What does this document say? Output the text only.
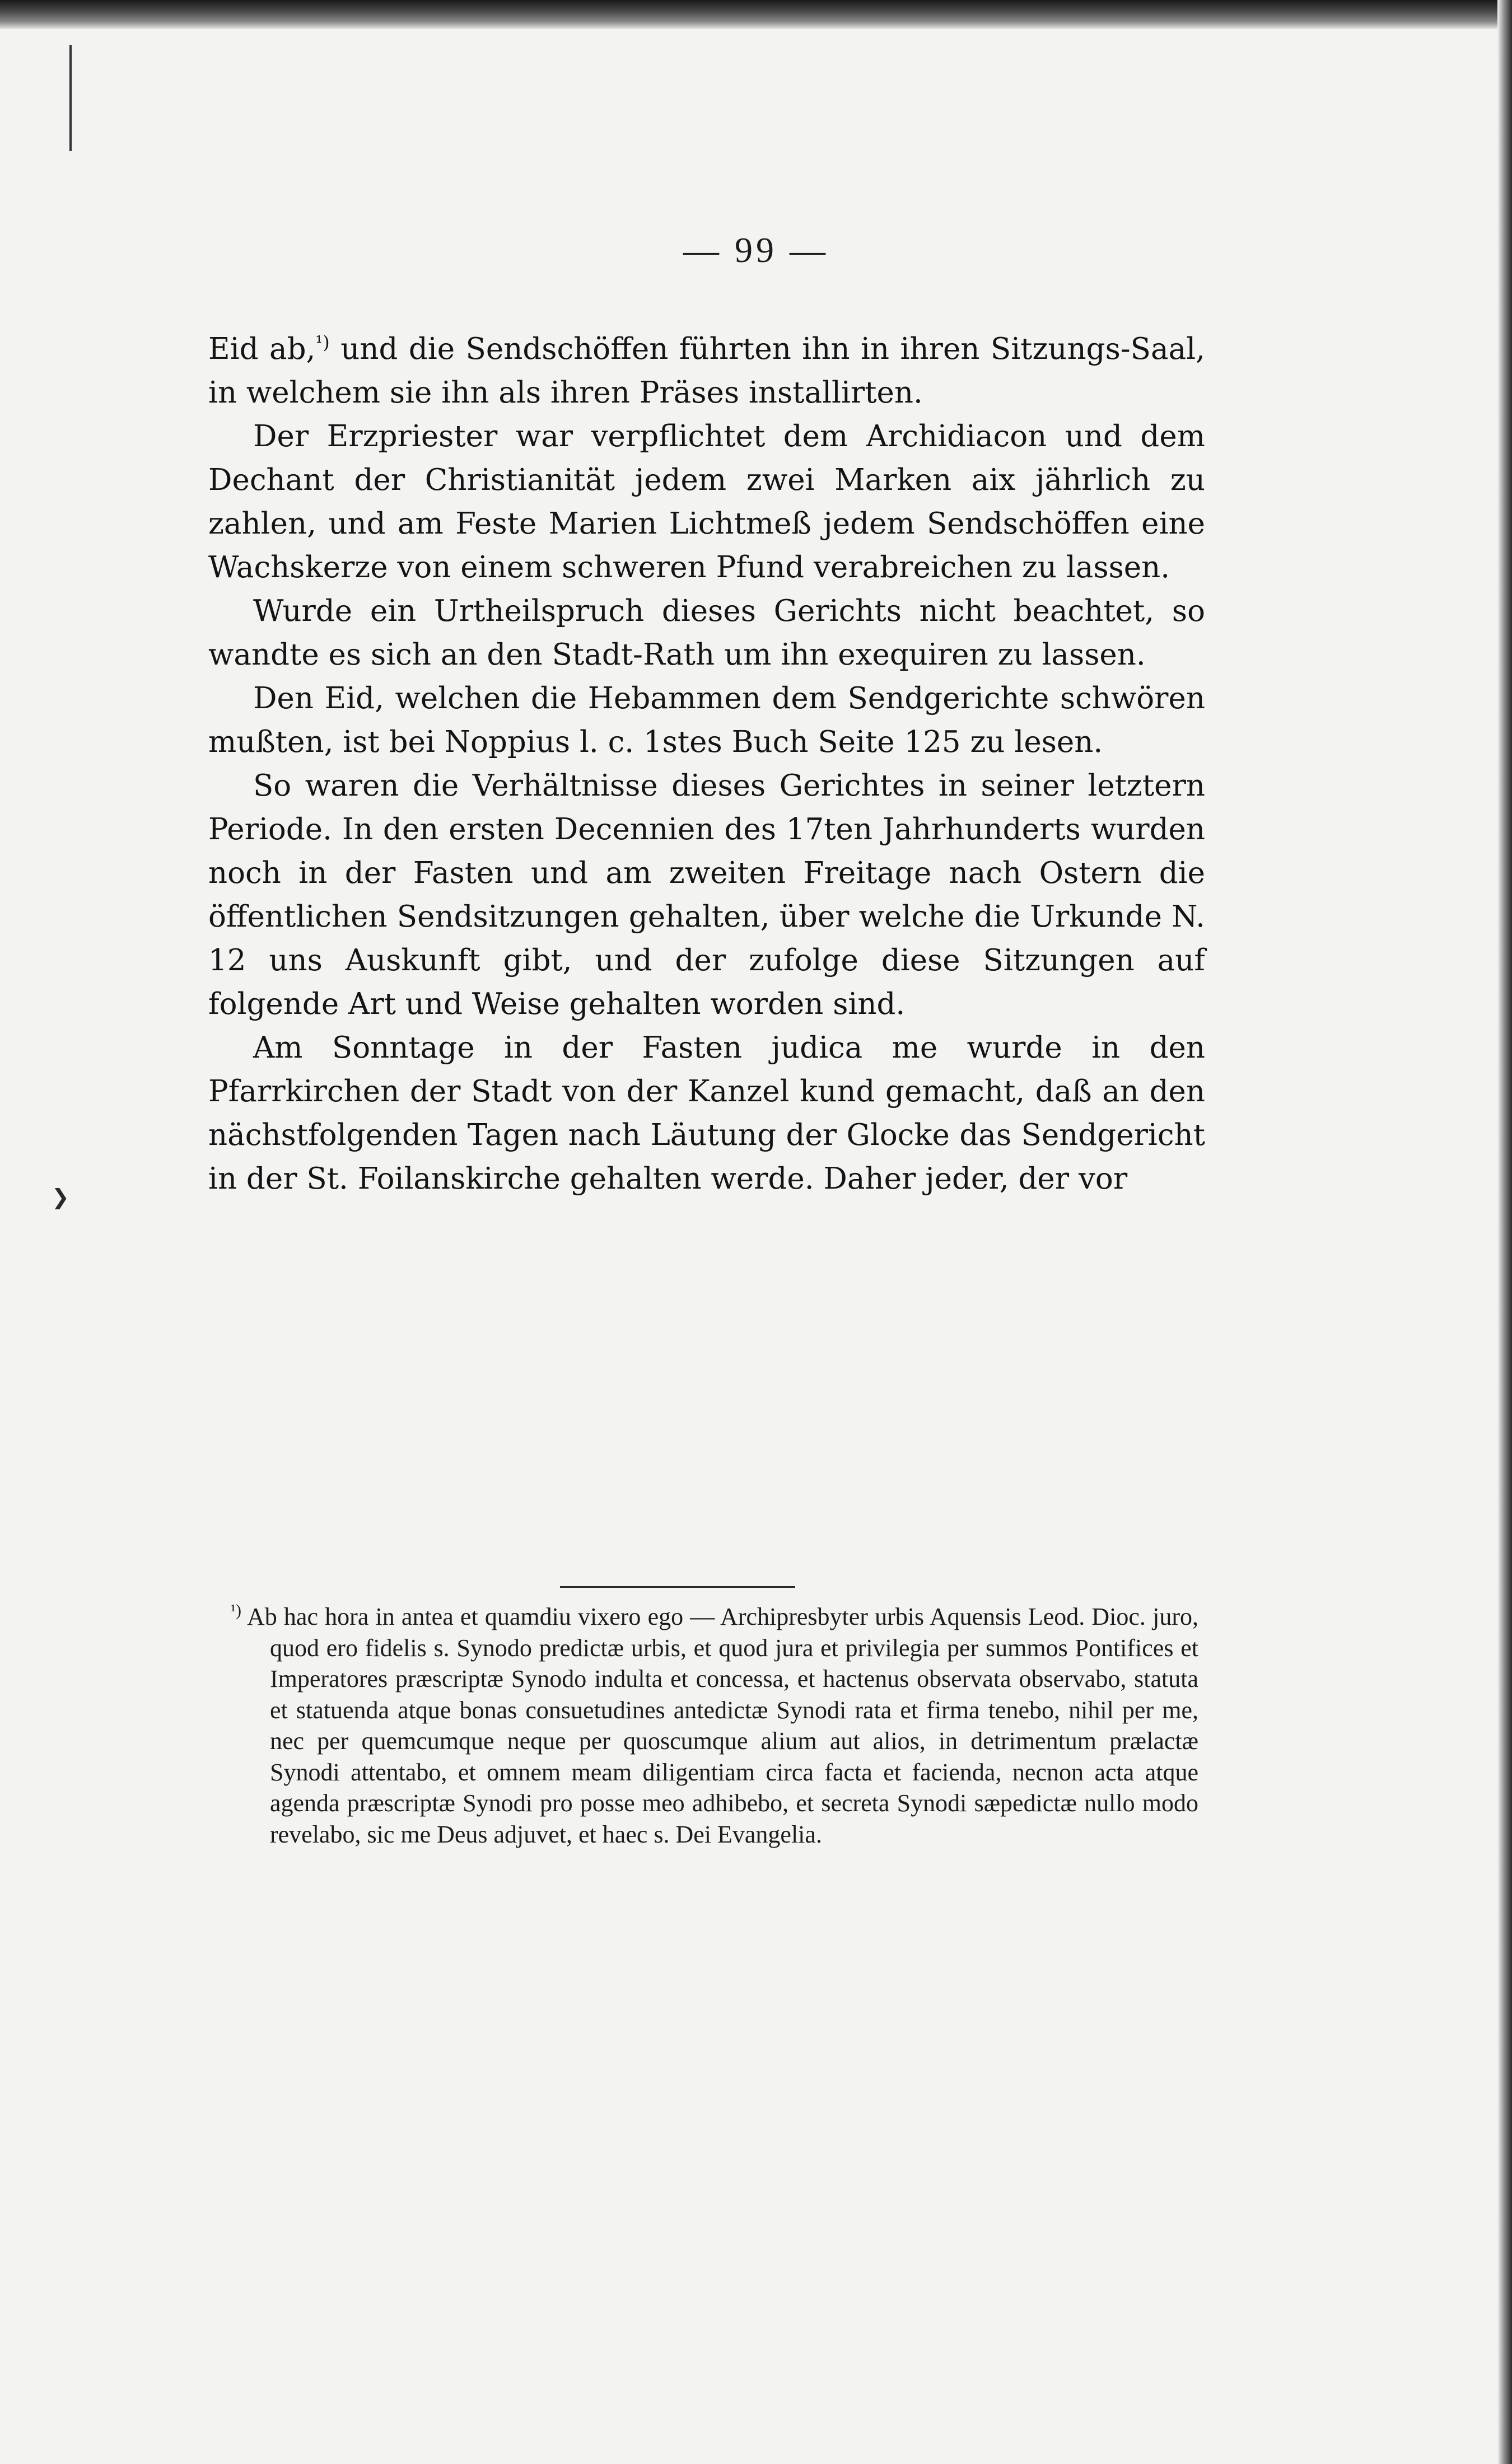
❯
— 99 —

Eid ab,$^{^1)}$ und die Sendschöffen führten ihn in ihren Sitzungs-Saal, in welchem sie ihn als ihren Präses installirten.

Der Erzpriester war verpflichtet dem Archidiacon und dem Dechant der Christianität jedem zwei Marken aix jährlich zu zahlen, und am Feste Marien Lichtmeß jedem Sendschöffen eine Wachskerze von einem schweren Pfund verabreichen zu lassen.

Wurde ein Urtheilspruch dieses Gerichts nicht beachtet, so wandte es sich an den Stadt-Rath um ihn exequiren zu lassen.

Den Eid, welchen die Hebammen dem Sendgerichte schwören mußten, ist bei Noppius l. c. 1stes Buch Seite 125 zu lesen.

So waren die Verhältnisse dieses Gerichtes in seiner letztern Periode. In den ersten Decennien des 17ten Jahrhunderts wurden noch in der Fasten und am zweiten Freitage nach Ostern die öffentlichen Sendsitzungen gehalten, über welche die Urkunde N. 12 uns Auskunft gibt, und der zufolge diese Sitzungen auf folgende Art und Weise gehalten worden sind.

Am Sonntage in der Fasten judica me wurde in den Pfarrkirchen der Stadt von der Kanzel kund gemacht, daß an den nächstfolgenden Tagen nach Läutung der Glocke das Sendgericht in der St. Foilanskirche gehalten werde. Daher jeder, der vor

$^{^1)}$ Ab hac hora in antea et quamdiu vixero ego — Archipresbyter urbis Aquensis Leod. Dioc. juro, quod ero fidelis s. Synodo predictæ urbis, et quod jura et privilegia per summos Pontifices et Imperatores præscriptæ Synodo indulta et concessa, et hactenus observata observabo, statuta et statuenda atque bonas consuetudines antedictæ Synodi rata et firma tenebo, nihil per me, nec per quemcumque neque per quoscumque alium aut alios, in detrimentum prælactæ Synodi attentabo, et omnem meam diligentiam circa facta et facienda, necnon acta atque agenda præscriptæ Synodi pro posse meo adhibebo, et secreta Synodi sæpedictæ nullo modo revelabo, sic me Deus adjuvet, et haec s. Dei Evangelia.
